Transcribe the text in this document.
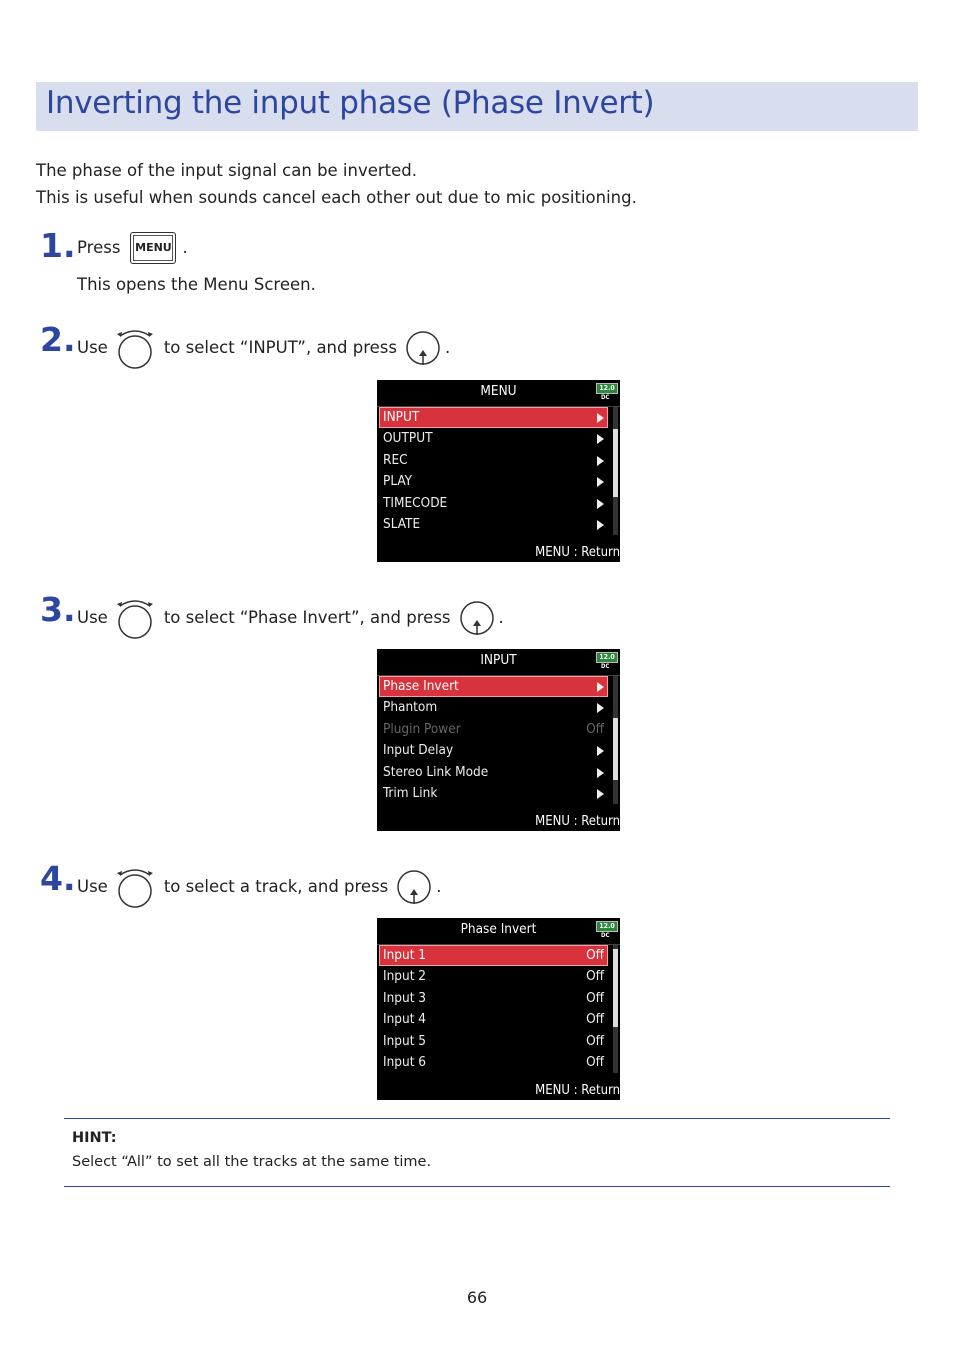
Inverting the input phase (Phase Invert)

The phase of the input signal can be inverted.

This is useful when sounds cancel each other out due to mic positioning.

1. Press	MENU .
This opens the Menu Screen.
2. Use	to select “INPUT”, and press	.
MENU	12.0
DC
INPUT
OUTPUT
REC
PLAY
TIMECODE
SLATE
MENU : Return
3. Use	to select “Phase Invert”, and press	.
INPUT	12.0
DC
Phase Invert
Phantom
Plugin Power	Off
Input Delay
Stereo Link Mode
Trim Link
MENU : Return
4. Use	to select a track, and press	.
Phase Invert	12.0
DC
Input 1	Off
Input 2	Off
Input 3	Off
Input 4	Off
Input 5	Off
Input 6	Off
MENU : Return
HINT:
Select “All” to set all the tracks at the same time.
66
